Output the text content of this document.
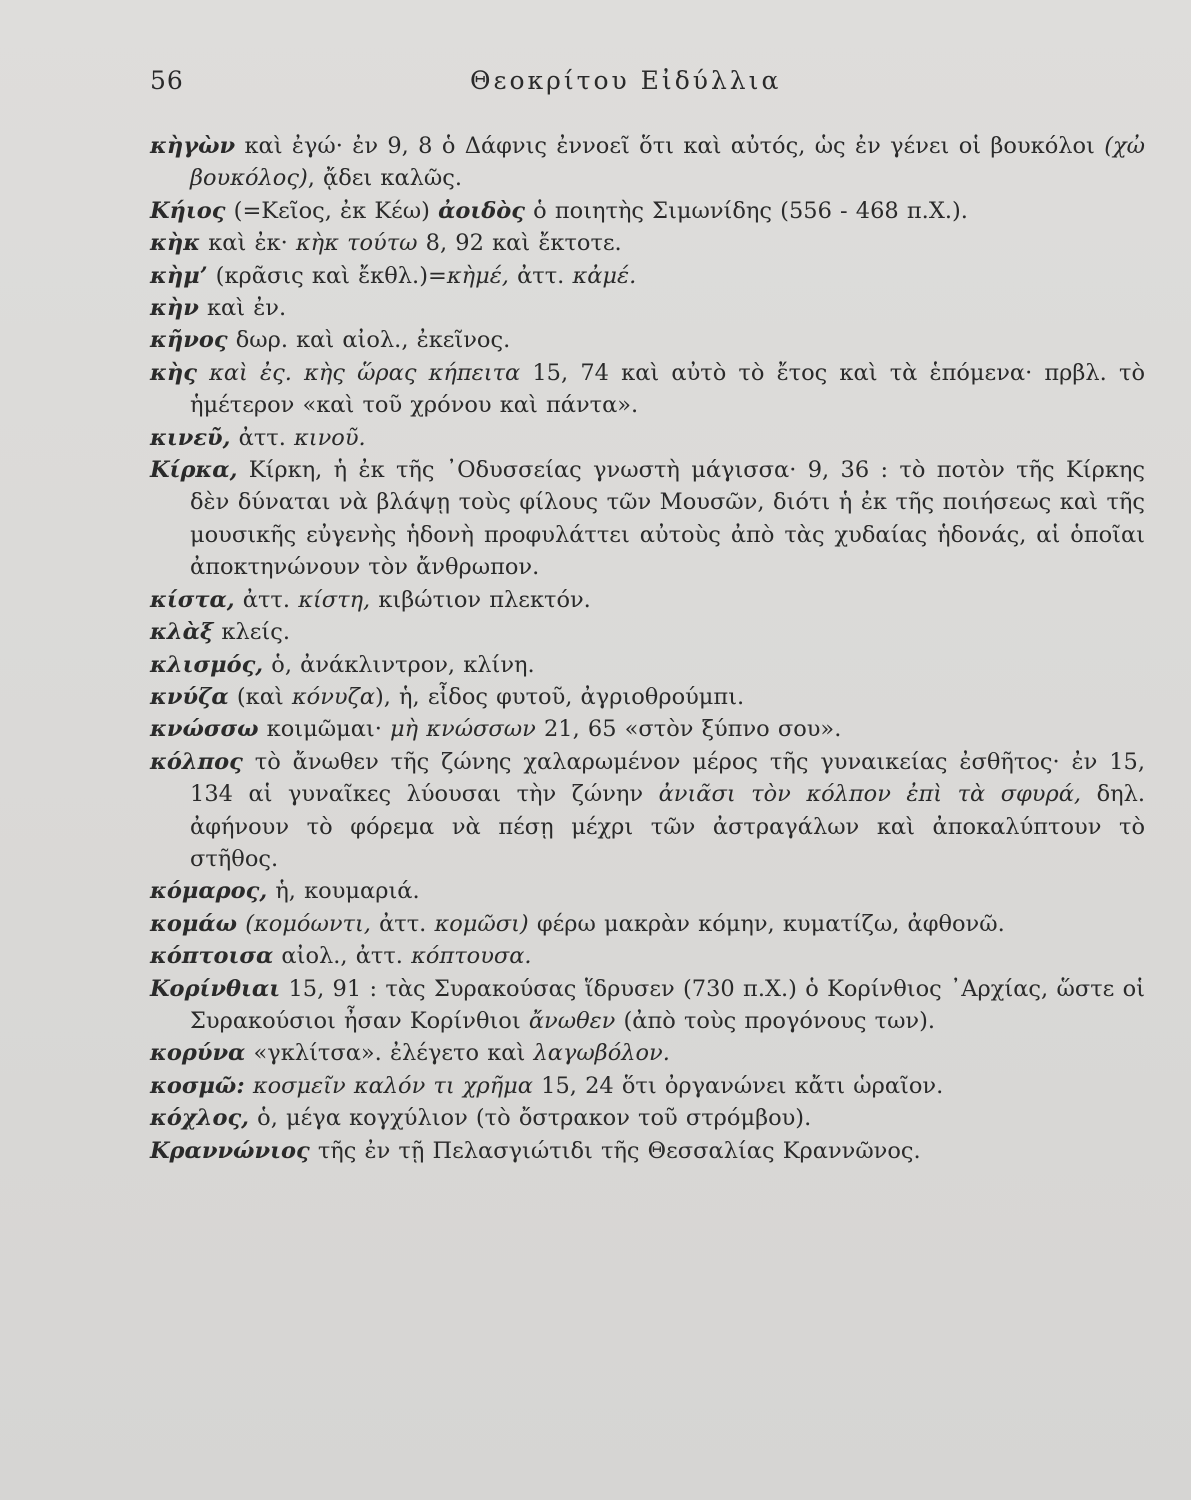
56	Θεοκρίτου Εἰδύλλια

κὴγὼν καὶ ἐγώ· ἐν 9, 8 ὁ Δάφνις ἐννοεῖ ὅτι καὶ αὐτός, ὡς ἐν γένει οἱ βουκόλοι (χὠ βουκόλος), ᾄδει καλῶς.

Κήιος (=Κεῖος, ἐκ Κέω) ἀοιδὸς ὁ ποιητὴς Σιμωνίδης (556 - 468 π.Χ.).

κὴκ καὶ ἐκ· κὴκ τούτω 8, 92 καὶ ἔκτοτε.

κὴμ’ (κρᾶσις καὶ ἔκθλ.)=κὴμέ, ἀττ. κἀμέ.

κὴν καὶ ἐν.

κῆνος δωρ. καὶ αἰολ., ἐκεῖνος.

κὴς καὶ ἐς. κὴς ὥρας κήπειτα 15, 74 καὶ αὐτὸ τὸ ἔτος καὶ τὰ ἑπόμενα· πρβλ. τὸ ἡμέτερον «καὶ τοῦ χρόνου καὶ πάντα».

κινεῦ, ἀττ. κινοῦ.

Κίρκα, Κίρκη, ἡ ἐκ τῆς ᾿Οδυσσείας γνωστὴ μάγισσα· 9, 36 : τὸ ποτὸν τῆς Κίρκης δὲν δύναται νὰ βλάψῃ τοὺς φίλους τῶν Μουσῶν, διότι ἡ ἐκ τῆς ποιήσεως καὶ τῆς μουσικῆς εὐγενὴς ἡδονὴ προφυλάττει αὐτοὺς ἀπὸ τὰς χυδαίας ἡδονάς, αἱ ὁποῖαι ἀποκτηνώνουν τὸν ἄνθρωπον.

κίστα, ἀττ. κίστη, κιβώτιον πλεκτόν.

κλὰξ κλείς.

κλισμός, ὁ, ἀνάκλιντρον, κλίνη.

κνύζα (καὶ κόνυζα), ἡ, εἶδος φυτοῦ, ἀγριοθρούμπι.

κνώσσω κοιμῶμαι· μὴ κνώσσων 21, 65 «στὸν ξύπνο σου».

κόλπος τὸ ἄνωθεν τῆς ζώνης χαλαρωμένον μέρος τῆς γυναικείας ἐσθῆτος· ἐν 15, 134 αἱ γυναῖκες λύουσαι τὴν ζώνην ἀνιᾶσι τὸν κόλπον ἐπὶ τὰ σφυρά, δηλ. ἀφήνουν τὸ φόρεμα νὰ πέσῃ μέχρι τῶν ἀστραγάλων καὶ ἀποκαλύπτουν τὸ στῆθος.

κόμαρος, ἡ, κουμαριά.

κομάω (κομόωντι, ἀττ. κομῶσι) φέρω μακρὰν κόμην, κυματίζω, ἀφθονῶ.

κόπτοισα αἰολ., ἀττ. κόπτουσα.

Κορίνθιαι 15, 91 : τὰς Συρακούσας ἵδρυσεν (730 π.Χ.) ὁ Κορίνθιος ᾿Αρχίας, ὥστε οἱ Συρακούσιοι ἦσαν Κορίνθιοι ἄνωθεν (ἀπὸ τοὺς προγόνους των).

κορύνα «γκλίτσα». ἐλέγετο καὶ λαγωβόλον.

κοσμῶ: κοσμεῖν καλόν τι χρῆμα 15, 24 ὅτι ὀργανώνει κἄτι ὡραῖον.

κόχλος, ὁ, μέγα κογχύλιον (τὸ ὄστρακον τοῦ στρόμβου).

Κραννώνιος τῆς ἐν τῇ Πελασγιώτιδι τῆς Θεσσαλίας Κραννῶνος.
